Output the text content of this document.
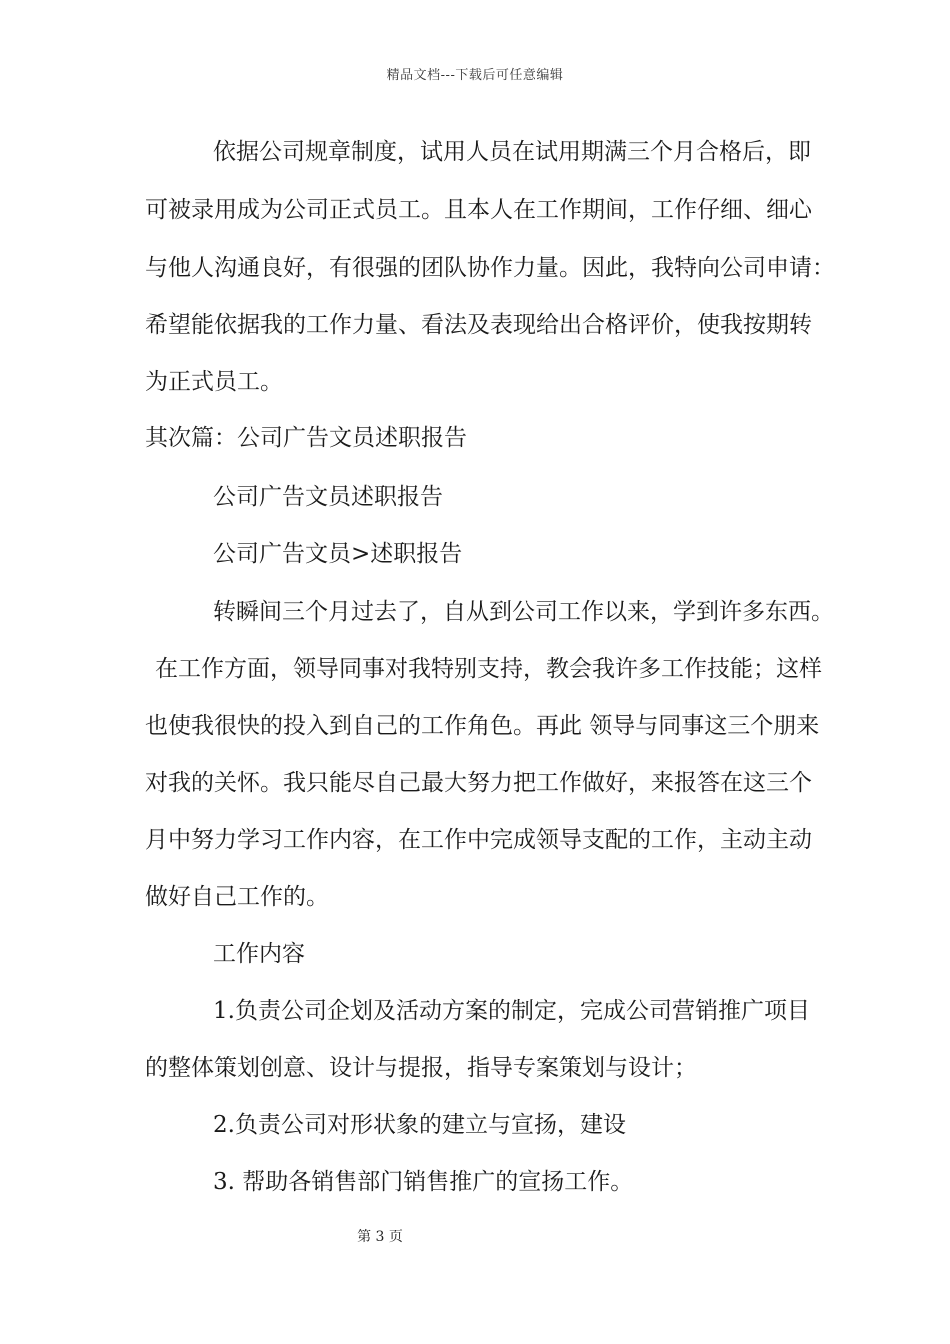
精品文档---下载后可任意编辑
依据公司规章制度，试用人员在试用期满三个月合格后，即
可被录用成为公司正式员工。且本人在工作期间，工作仔细、细心
与他人沟通良好，有很强的团队协作力量。因此，我特向公司申请：
希望能依据我的工作力量、看法及表现给出合格评价，使我按期转
为正式员工。
其次篇：公司广告文员述职报告
公司广告文员述职报告
公司广告文员>述职报告
转瞬间三个月过去了，自从到公司工作以来，学到许多东西。
在工作方面，领导同事对我特别支持，教会我许多工作技能；这样
也使我很快的投入到自己的工作角色。再此 领导与同事这三个朋来
对我的关怀。我只能尽自己最大努力把工作做好，来报答在这三个
月中努力学习工作内容，在工作中完成领导支配的工作，主动主动
做好自己工作的。
工作内容
1.负责公司企划及活动方案的制定，完成公司营销推广项目
的整体策划创意、设计与提报，指导专案策划与设计；
2.负责公司对形状象的建立与宣扬，建设
3. 帮助各销售部门销售推广的宣扬工作。
第 3 页
